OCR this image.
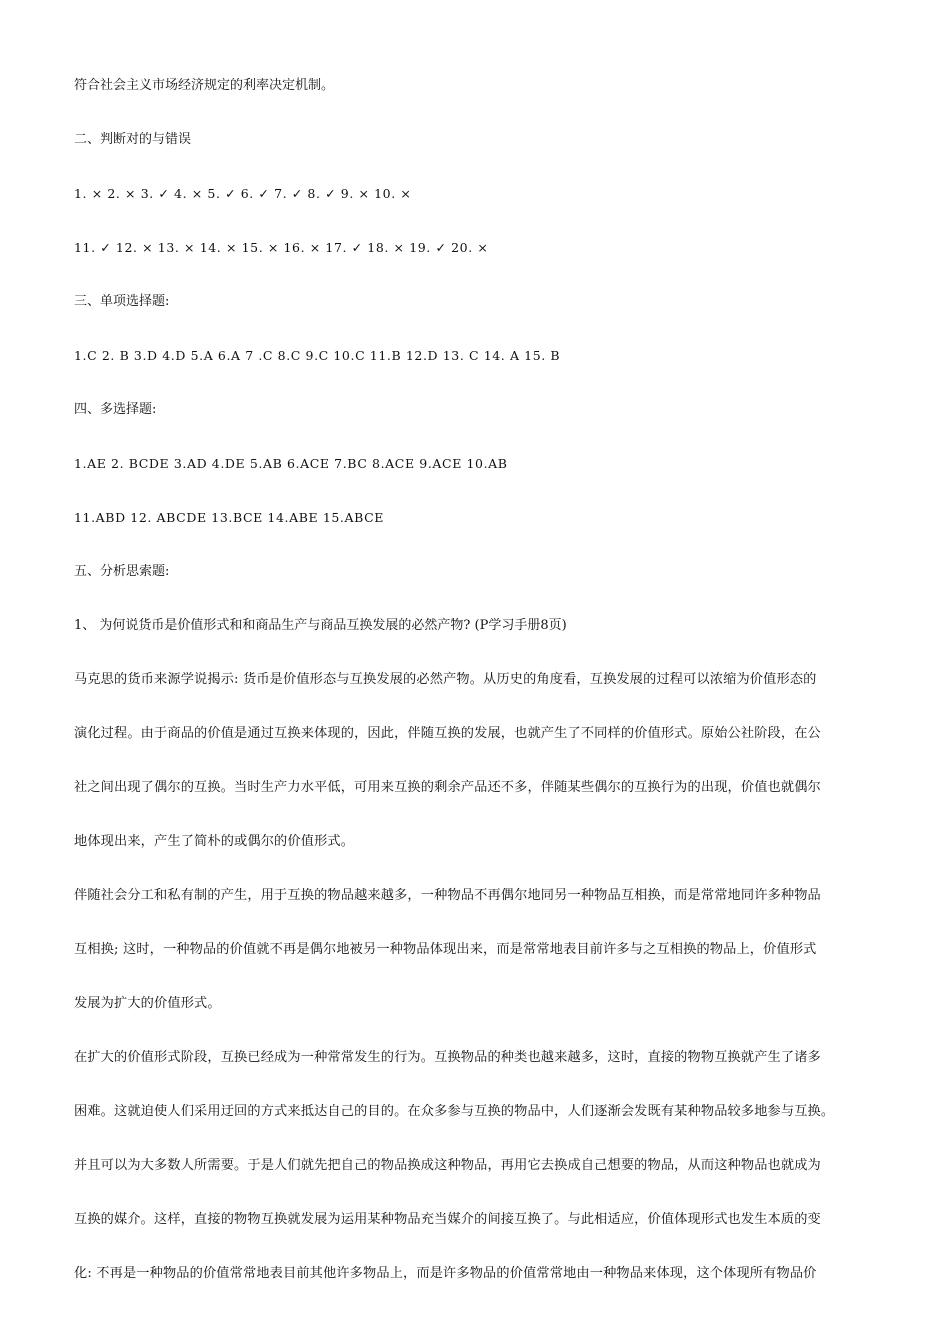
符合社会主义市场经济规定的利率决定机制。
二、判断对的与错误
1. × 2. × 3. ✓ 4. × 5. ✓ 6. ✓ 7. ✓ 8. ✓ 9. × 10. ×
11. ✓ 12. × 13. × 14. × 15. × 16. × 17. ✓ 18. × 19. ✓ 20. ×
三、单项选择题:
1.C 2. B 3.D 4.D 5.A 6.A 7 .C 8.C 9.C 10.C 11.B 12.D 13. C 14. A 15. B
四、多选择题:
1.AE 2. BCDE 3.AD 4.DE 5.AB 6.ACE 7.BC 8.ACE 9.ACE 10.AB
11.ABD 12. ABCDE 13.BCE 14.ABE 15.ABCE
五、分析思索题:
1、 为何说货币是价值形式和和商品生产与商品互换发展的必然产物? (P学习手册8页)
马克思的货币来源学说揭示: 货币是价值形态与互换发展的必然产物。从历史的角度看，互换发展的过程可以浓缩为价值形态的
演化过程。由于商品的价值是通过互换来体现的，因此，伴随互换的发展，也就产生了不同样的价值形式。原始公社阶段，在公
社之间出现了偶尔的互换。当时生产力水平低，可用来互换的剩余产品还不多，伴随某些偶尔的互换行为的出现，价值也就偶尔
地体现出来，产生了简朴的或偶尔的价值形式。
伴随社会分工和私有制的产生，用于互换的物品越来越多，一种物品不再偶尔地同另一种物品互相换，而是常常地同许多种物品
互相换; 这时，一种物品的价值就不再是偶尔地被另一种物品体现出来，而是常常地表目前许多与之互相换的物品上，价值形式
发展为扩大的价值形式。
在扩大的价值形式阶段，互换已经成为一种常常发生的行为。互换物品的种类也越来越多，这时，直接的物物互换就产生了诸多
困难。这就迫使人们采用迂回的方式来抵达自己的目的。在众多参与互换的物品中，人们逐渐会发既有某种物品较多地参与互换。
并且可以为大多数人所需要。于是人们就先把自己的物品换成这种物品，再用它去换成自己想要的物品，从而这种物品也就成为
互换的媒介。这样，直接的物物互换就发展为运用某种物品充当媒介的间接互换了。与此相适应，价值体现形式也发生本质的变
化: 不再是一种物品的价值常常地表目前其他许多物品上，而是许多物品的价值常常地由一种物品来体现，这个体现所有物品价
